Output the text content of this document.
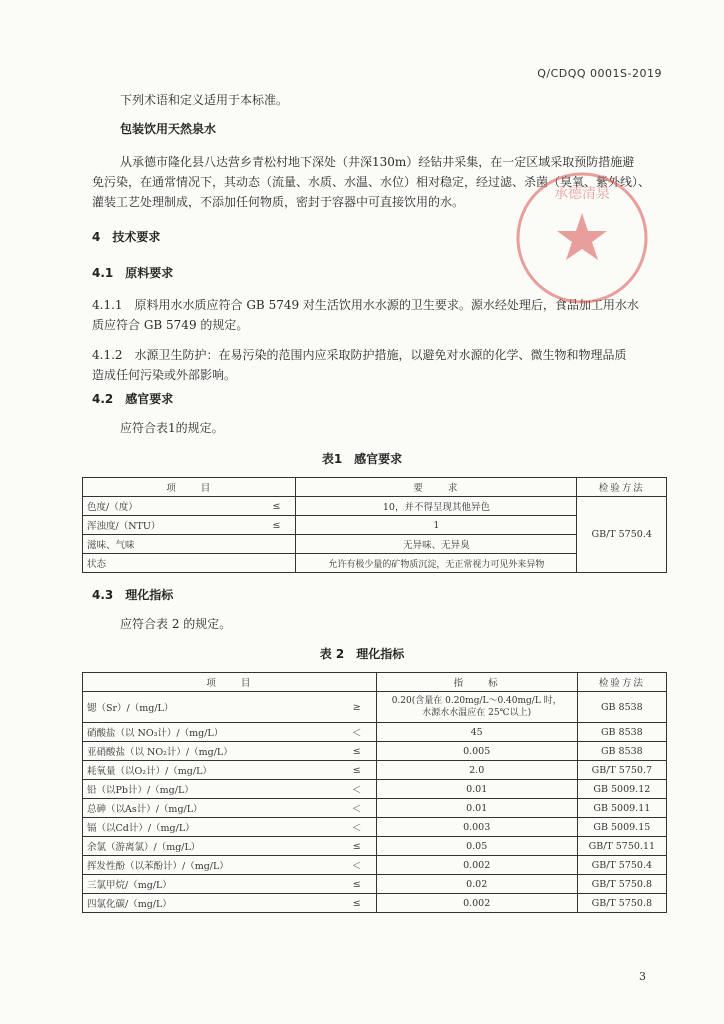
Q/CDQQ 0001S-2019
下列术语和定义适用于本标准。
包装饮用天然泉水
从承德市隆化县八达营乡青松村地下深处（井深130m）经钻井采集，在一定区域采取预防措施避
免污染，在通常情况下，其动态（流量、水质、水温、水位）相对稳定，经过滤、杀菌（臭氧、紫外线）、
灌装工艺处理制成，不添加任何物质，密封于容器中可直接饮用的水。
4　技术要求
4.1　原料要求
4.1.1　原料用水水质应符合 GB 5749 对生活饮用水水源的卫生要求。源水经处理后，食品加工用水水
质应符合 GB 5749 的规定。
4.1.2　水源卫生防护：在易污染的范围内应采取防护措施，以避免对水源的化学、微生物和物理品质
造成任何污染或外部影响。
4.2　感官要求
应符合表1的规定。
表1　感官要求
项　　目		要　　求	检验方法
色度/（度）	≤	10，并不得呈现其他异色	GB/T 5750.4
浑浊度/（NTU）	≤	1	
滋味、气味		无异味、无异臭	
状态		允许有极少量的矿物质沉淀，无正常视力可见外来异物	
4.3　理化指标
应符合表 2 的规定。
表 2　理化指标
项　　目		指　　标	检验方法
锶（Sr）/（mg/L）	≥	0.20(含量在 0.20mg/L～0.40mg/L 时，
水源水水温应在 25℃以上)	GB 8538
硝酸盐（以 NO₃计）/（mg/L）	＜	45	GB 8538
亚硝酸盐（以 NO₂计）/（mg/L）	≤	0.005	GB 8538
耗氧量（以O₂计）/（mg/L）	≤	2.0	GB/T 5750.7
铅（以Pb计）/（mg/L）	＜	0.01	GB 5009.12
总砷（以As计）/（mg/L）	＜	0.01	GB 5009.11
镉（以Cd计）/（mg/L）	＜	0.003	GB 5009.15
余氯（游离氯）/（mg/L）	≤	0.05	GB/T 5750.11
挥发性酚（以苯酚计）/（mg/L）	＜	0.002	GB/T 5750.4
三氯甲烷/（mg/L）	≤	0.02	GB/T 5750.8
四氯化碳/（mg/L）	≤	0.002	GB/T 5750.8
承德清泉
3
